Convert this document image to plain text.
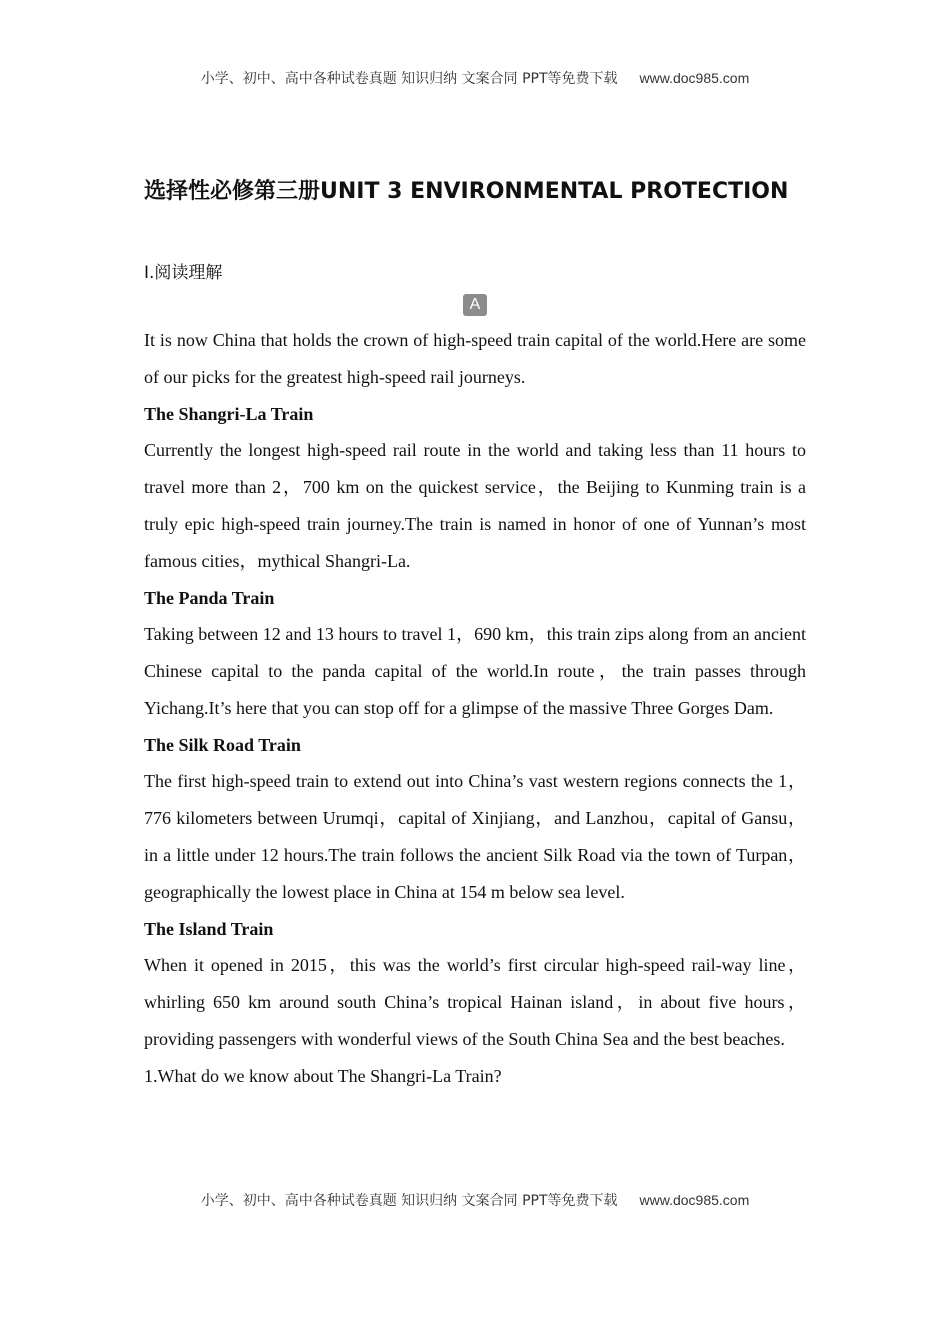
小学、初中、高中各种试卷真题 知识归纳 文案合同 PPT等免费下载 www.doc985.com
选择性必修第三册UNIT 3 ENVIRONMENTAL PROTECTION
Ⅰ.阅读理解
A

It is now China that holds the crown of high-speed train capital of the world.Here are some of our picks for the greatest high-speed rail journeys.

The Shangri-La Train

Currently the longest high-speed rail route in the world and taking less than 11 hours to travel more than 2，700 km on the quickest service，the Beijing to Kunming train is a truly epic high-speed train journey.The train is named in honor of one of Yunnan’s most famous cities，mythical Shangri-La.

The Panda Train

Taking between 12 and 13 hours to travel 1，690 km，this train zips along from an ancient Chinese capital to the panda capital of the world.In route，the train passes through Yichang.It’s here that you can stop off for a glimpse of the massive Three Gorges Dam.

The Silk Road Train

The first high-speed train to extend out into China’s vast western regions connects the 1，776 kilometers between Urumqi，capital of Xinjiang，and Lanzhou，capital of Gansu，in a little under 12 hours.The train follows the ancient Silk Road via the town of Turpan，geographically the lowest place in China at 154 m below sea level.

The Island Train

When it opened in 2015，this was the world’s first circular high-speed rail-way line，whirling 650 km around south China’s tropical Hainan island，in about five hours，providing passengers with wonderful views of the South China Sea and the best beaches.

1.What do we know about The Shangri-La Train?

小学、初中、高中各种试卷真题 知识归纳 文案合同 PPT等免费下载 www.doc985.com
